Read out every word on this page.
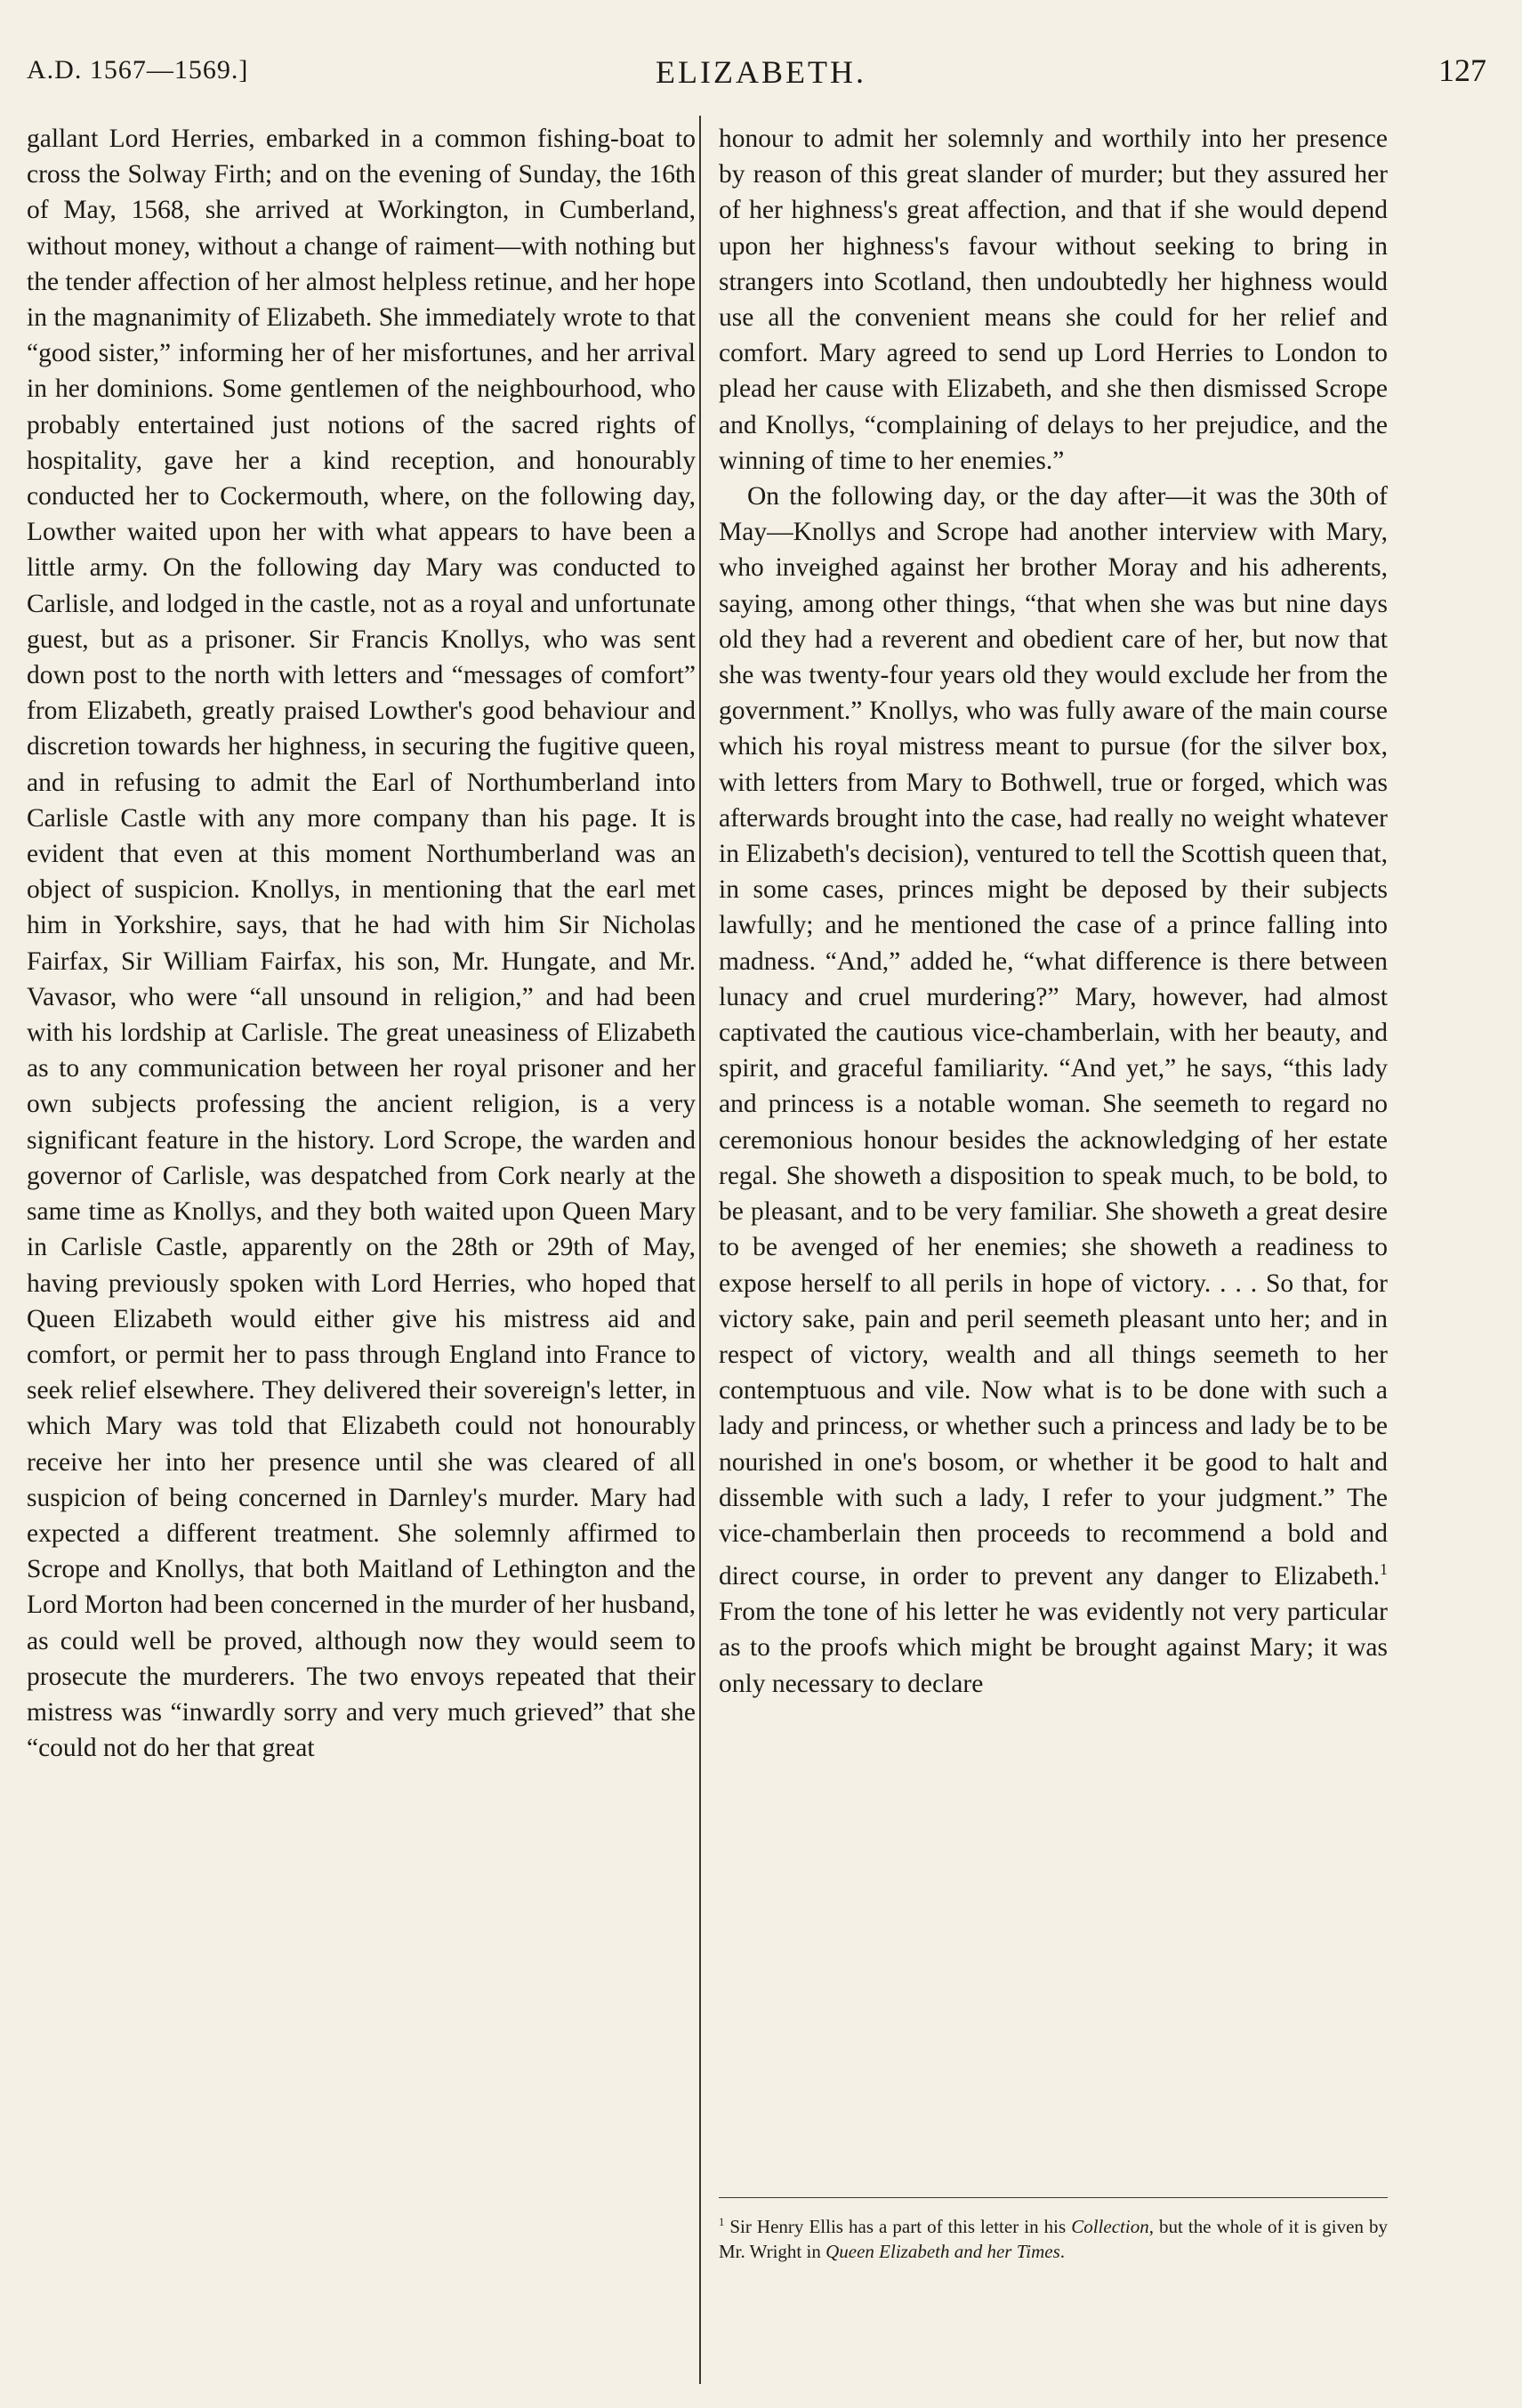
A.D. 1567—1569.]	ELIZABETH.	127

gallant Lord Herries, embarked in a common fishing-boat to cross the Solway Firth; and on the evening of Sunday, the 16th of May, 1568, she arrived at Workington, in Cumberland, without money, without a change of raiment—with nothing but the tender affection of her almost helpless retinue, and her hope in the magnanimity of Elizabeth. She immediately wrote to that “good sister,” informing her of her misfortunes, and her arrival in her dominions. Some gentlemen of the neighbourhood, who probably entertained just notions of the sacred rights of hospitality, gave her a kind reception, and honourably conducted her to Cockermouth, where, on the following day, Lowther waited upon her with what appears to have been a little army. On the following day Mary was conducted to Carlisle, and lodged in the castle, not as a royal and unfortunate guest, but as a prisoner. Sir Francis Knollys, who was sent down post to the north with letters and “messages of comfort” from Elizabeth, greatly praised Lowther's good behaviour and discretion towards her highness, in securing the fugitive queen, and in refusing to admit the Earl of Northumberland into Carlisle Castle with any more company than his page. It is evident that even at this moment Northumberland was an object of suspicion. Knollys, in mentioning that the earl met him in Yorkshire, says, that he had with him Sir Nicholas Fairfax, Sir William Fairfax, his son, Mr. Hungate, and Mr. Vavasor, who were “all unsound in religion,” and had been with his lordship at Carlisle. The great uneasiness of Elizabeth as to any communication between her royal prisoner and her own subjects professing the ancient religion, is a very significant feature in the history. Lord Scrope, the warden and governor of Carlisle, was despatched from Cork nearly at the same time as Knollys, and they both waited upon Queen Mary in Carlisle Castle, apparently on the 28th or 29th of May, having previously spoken with Lord Herries, who hoped that Queen Elizabeth would either give his mistress aid and comfort, or permit her to pass through England into France to seek relief elsewhere. They delivered their sovereign's letter, in which Mary was told that Elizabeth could not honourably receive her into her presence until she was cleared of all suspicion of being concerned in Darnley's murder. Mary had expected a different treatment. She solemnly affirmed to Scrope and Knollys, that both Maitland of Lethington and the Lord Morton had been concerned in the murder of her husband, as could well be proved, although now they would seem to prosecute the murderers. The two envoys repeated that their mistress was “inwardly sorry and very much grieved” that she “could not do her that great

honour to admit her solemnly and worthily into her presence by reason of this great slander of murder; but they assured her of her highness's great affection, and that if she would depend upon her highness's favour without seeking to bring in strangers into Scotland, then undoubtedly her highness would use all the convenient means she could for her relief and comfort. Mary agreed to send up Lord Herries to London to plead her cause with Elizabeth, and she then dismissed Scrope and Knollys, “complaining of delays to her prejudice, and the winning of time to her enemies.”

On the following day, or the day after—it was the 30th of May—Knollys and Scrope had another interview with Mary, who inveighed against her brother Moray and his adherents, saying, among other things, “that when she was but nine days old they had a reverent and obedient care of her, but now that she was twenty-four years old they would exclude her from the government.” Knollys, who was fully aware of the main course which his royal mistress meant to pursue (for the silver box, with letters from Mary to Bothwell, true or forged, which was afterwards brought into the case, had really no weight whatever in Elizabeth's decision), ventured to tell the Scottish queen that, in some cases, princes might be deposed by their subjects lawfully; and he mentioned the case of a prince falling into madness. “And,” added he, “what difference is there between lunacy and cruel murdering?” Mary, however, had almost captivated the cautious vice-chamberlain, with her beauty, and spirit, and graceful familiarity. “And yet,” he says, “this lady and princess is a notable woman. She seemeth to regard no ceremonious honour besides the acknowledging of her estate regal. She showeth a disposition to speak much, to be bold, to be pleasant, and to be very familiar. She showeth a great desire to be avenged of her enemies; she showeth a readiness to expose herself to all perils in hope of victory. . . . So that, for victory sake, pain and peril seemeth pleasant unto her; and in respect of victory, wealth and all things seemeth to her contemptuous and vile. Now what is to be done with such a lady and princess, or whether such a princess and lady be to be nourished in one's bosom, or whether it be good to halt and dissemble with such a lady, I refer to your judgment.” The vice-chamberlain then proceeds to recommend a bold and direct course, in order to prevent any danger to Elizabeth.$^1$ From the tone of his letter he was evidently not very particular as to the proofs which might be brought against Mary; it was only necessary to declare

$^1$ Sir Henry Ellis has a part of this letter in his Collection, but the whole of it is given by Mr. Wright in Queen Elizabeth and her Times.
